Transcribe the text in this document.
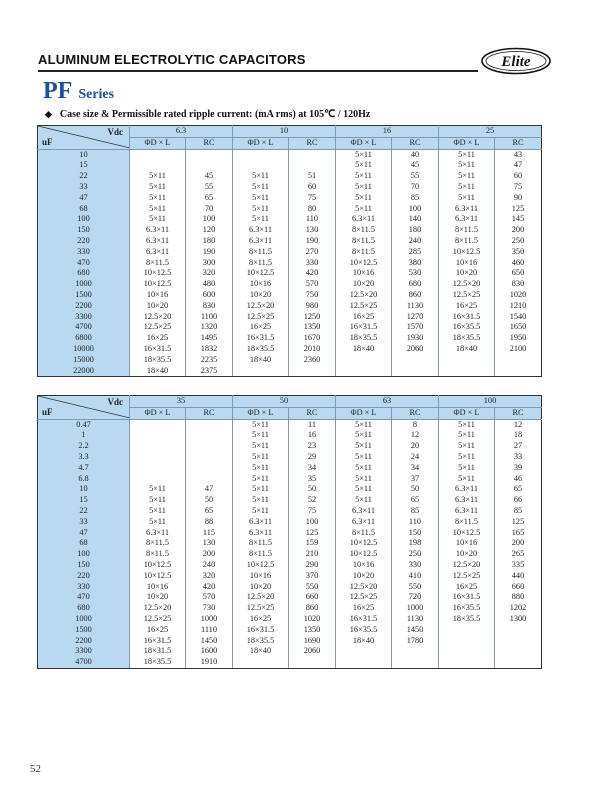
ALUMINUM ELECTROLYTIC CAPACITORS	Elite
PF Series
◆ Case size & Permissible rated ripple current: (mA rms) at 105℃ / 120Hz
Vdc
uF	6.3		10		16		25	
	ΦD × L	RC	ΦD × L	RC	ΦD × L	RC	ΦD × L	RC
10					5×11	40	5×11	43
15					5×11	45	5×11	47
22	5×11	45	5×11	51	5×11	55	5×11	60
33	5×11	55	5×11	60	5×11	70	5×11	75
47	5×11	65	5×11	75	5×11	85	5×11	90
68	5×11	70	5×11	80	5×11	100	6.3×11	125
100	5×11	100	5×11	110	6.3×11	140	6.3×11	145
150	6.3×11	120	6.3×11	130	8×11.5	180	8×11.5	200
220	6.3×11	180	6.3×11	190	8×11.5	240	8×11.5	250
330	6.3×11	190	8×11.5	270	8×11.5	285	10×12.5	350
470	8×11.5	300	8×11.5	330	10×12.5	380	10×16	460
680	10×12.5	320	10×12.5	420	10×16	530	10×20	650
1000	10×12.5	480	10×16	570	10×20	680	12.5×20	830
1500	10×16	600	10×20	750	12.5×20	860	12.5×25	1020
2200	10×20	830	12.5×20	980	12.5×25	1130	16×25	1210
3300	12.5×20	1100	12.5×25	1250	16×25	1270	16×31.5	1540
4700	12.5×25	1320	16×25	1350	16×31.5	1570	16×35.5	1650
6800	16×25	1495	16×31.5	1670	18×35.5	1930	18×35.5	1950
10000	16×31.5	1832	18×35.5	2010	18×40	2060	18×40	2100
15000	18×35.5	2235	18×40	2360				
22000	18×40	2375						
Vdc
uF	35		50		63		100	
	ΦD × L	RC	ΦD × L	RC	ΦD × L	RC	ΦD × L	RC
0.47			5×11	11	5×11	8	5×11	12
1			5×11	16	5×11	12	5×11	18
2.2			5×11	23	5×11	20	5×11	27
3.3			5×11	29	5×11	24	5×11	33
4.7			5×11	34	5×11	34	5×11	39
6.8			5×11	35	5×11	37	5×11	46
10	5×11	47	5×11	50	5×11	50	6.3×11	65
15	5×11	50	5×11	52	5×11	65	6.3×11	66
22	5×11	65	5×11	75	6.3×11	85	6.3×11	85
33	5×11	88	6.3×11	100	6.3×11	110	8×11.5	125
47	6.3×11	115	6.3×11	125	8×11.5	150	10×12.5	165
68	8×11.5	130	8×11.5	159	10×12.5	198	10×16	200
100	8×11.5	200	8×11.5	210	10×12.5	250	10×20	265
150	10×12.5	240	10×12.5	290	10×16	330	12.5×20	335
220	10×12.5	320	10×16	370	10×20	410	12.5×25	440
330	10×16	420	10×20	550	12.5×20	550	16×25	660
470	10×20	570	12.5×20	660	12.5×25	720	16×31.5	880
680	12.5×20	730	12.5×25	860	16×25	1000	16×35.5	1202
1000	12.5×25	1000	16×25	1020	16×31.5	1130	18×35.5	1300
1500	16×25	1110	16×31.5	1350	16×35.5	1450		
2200	16×31.5	1450	18×35.5	1690	18×40	1780		
3300	18×31.5	1600	18×40	2060				
4700	18×35.5	1910						
52
